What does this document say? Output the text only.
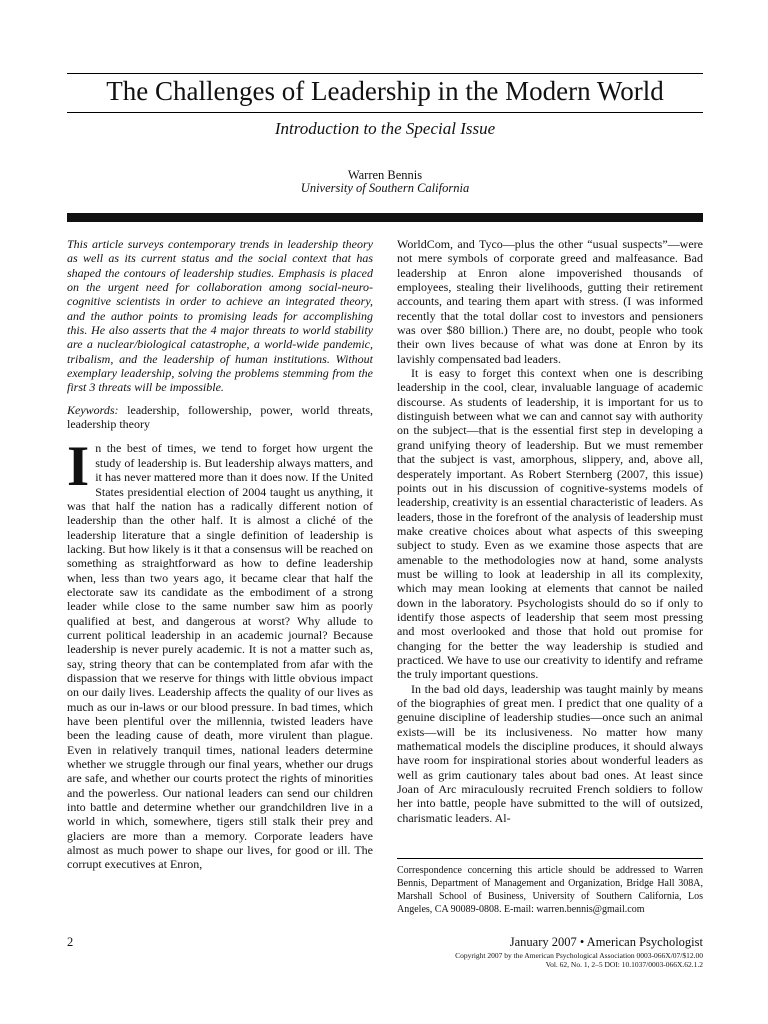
The Challenges of Leadership in the Modern World
Introduction to the Special Issue
Warren Bennis
University of Southern California

This article surveys contemporary trends in leadership theory as well as its current status and the social context that has shaped the contours of leadership studies. Emphasis is placed on the urgent need for collaboration among social-neuro-cognitive scientists in order to achieve an integrated theory, and the author points to promising leads for accomplishing this. He also asserts that the 4 major threats to world stability are a nuclear/biological catastrophe, a world-wide pandemic, tribalism, and the leadership of human institutions. Without exemplary leadership, solving the problems stemming from the first 3 threats will be impossible.

Keywords: leadership, followership, power, world threats, leadership theory

In the best of times, we tend to forget how urgent the study of leadership is. But leadership always matters, and it has never mattered more than it does now. If the United States presidential election of 2004 taught us anything, it was that half the nation has a radically different notion of leadership than the other half. It is almost a cliché of the leadership literature that a single definition of leadership is lacking. But how likely is it that a consensus will be reached on something as straightforward as how to define leadership when, less than two years ago, it became clear that half the electorate saw its candidate as the embodiment of a strong leader while close to the same number saw him as poorly qualified at best, and dangerous at worst? Why allude to current political leadership in an academic journal? Because leadership is never purely academic. It is not a matter such as, say, string theory that can be contemplated from afar with the dispassion that we reserve for things with little obvious impact on our daily lives. Leadership affects the quality of our lives as much as our in-laws or our blood pressure. In bad times, which have been plentiful over the millennia, twisted leaders have been the leading cause of death, more virulent than plague. Even in relatively tranquil times, national leaders determine whether we struggle through our final years, whether our drugs are safe, and whether our courts protect the rights of minorities and the powerless. Our national leaders can send our children into battle and determine whether our grandchildren live in a world in which, somewhere, tigers still stalk their prey and glaciers are more than a memory. Corporate leaders have almost as much power to shape our lives, for good or ill. The corrupt executives at Enron,

WorldCom, and Tyco—plus the other “usual suspects”—were not mere symbols of corporate greed and malfeasance. Bad leadership at Enron alone impoverished thousands of employees, stealing their livelihoods, gutting their retirement accounts, and tearing them apart with stress. (I was informed recently that the total dollar cost to investors and pensioners was over $80 billion.) There are, no doubt, people who took their own lives because of what was done at Enron by its lavishly compensated bad leaders.

It is easy to forget this context when one is describing leadership in the cool, clear, invaluable language of academic discourse. As students of leadership, it is important for us to distinguish between what we can and cannot say with authority on the subject—that is the essential first step in developing a grand unifying theory of leadership. But we must remember that the subject is vast, amorphous, slippery, and, above all, desperately important. As Robert Sternberg (2007, this issue) points out in his discussion of cognitive-systems models of leadership, creativity is an essential characteristic of leaders. As leaders, those in the forefront of the analysis of leadership must make creative choices about what aspects of this sweeping subject to study. Even as we examine those aspects that are amenable to the methodologies now at hand, some analysts must be willing to look at leadership in all its complexity, which may mean looking at elements that cannot be nailed down in the laboratory. Psychologists should do so if only to identify those aspects of leadership that seem most pressing and most overlooked and those that hold out promise for changing for the better the way leadership is studied and practiced. We have to use our creativity to identify and reframe the truly important questions.

In the bad old days, leadership was taught mainly by means of the biographies of great men. I predict that one quality of a genuine discipline of leadership studies—once such an animal exists—will be its inclusiveness. No matter how many mathematical models the discipline produces, it should always have room for inspirational stories about wonderful leaders as well as grim cautionary tales about bad ones. At least since Joan of Arc miraculously recruited French soldiers to follow her into battle, people have submitted to the will of outsized, charismatic leaders. Al-

Correspondence concerning this article should be addressed to Warren Bennis, Department of Management and Organization, Bridge Hall 308A, Marshall School of Business, University of Southern California, Los Angeles, CA 90089-0808. E-mail: warren.bennis@gmail.com
2	January 2007 • American Psychologist
Copyright 2007 by the American Psychological Association 0003-066X/07/$12.00
Vol. 62, No. 1, 2–5 DOI: 10.1037/0003-066X.62.1.2
